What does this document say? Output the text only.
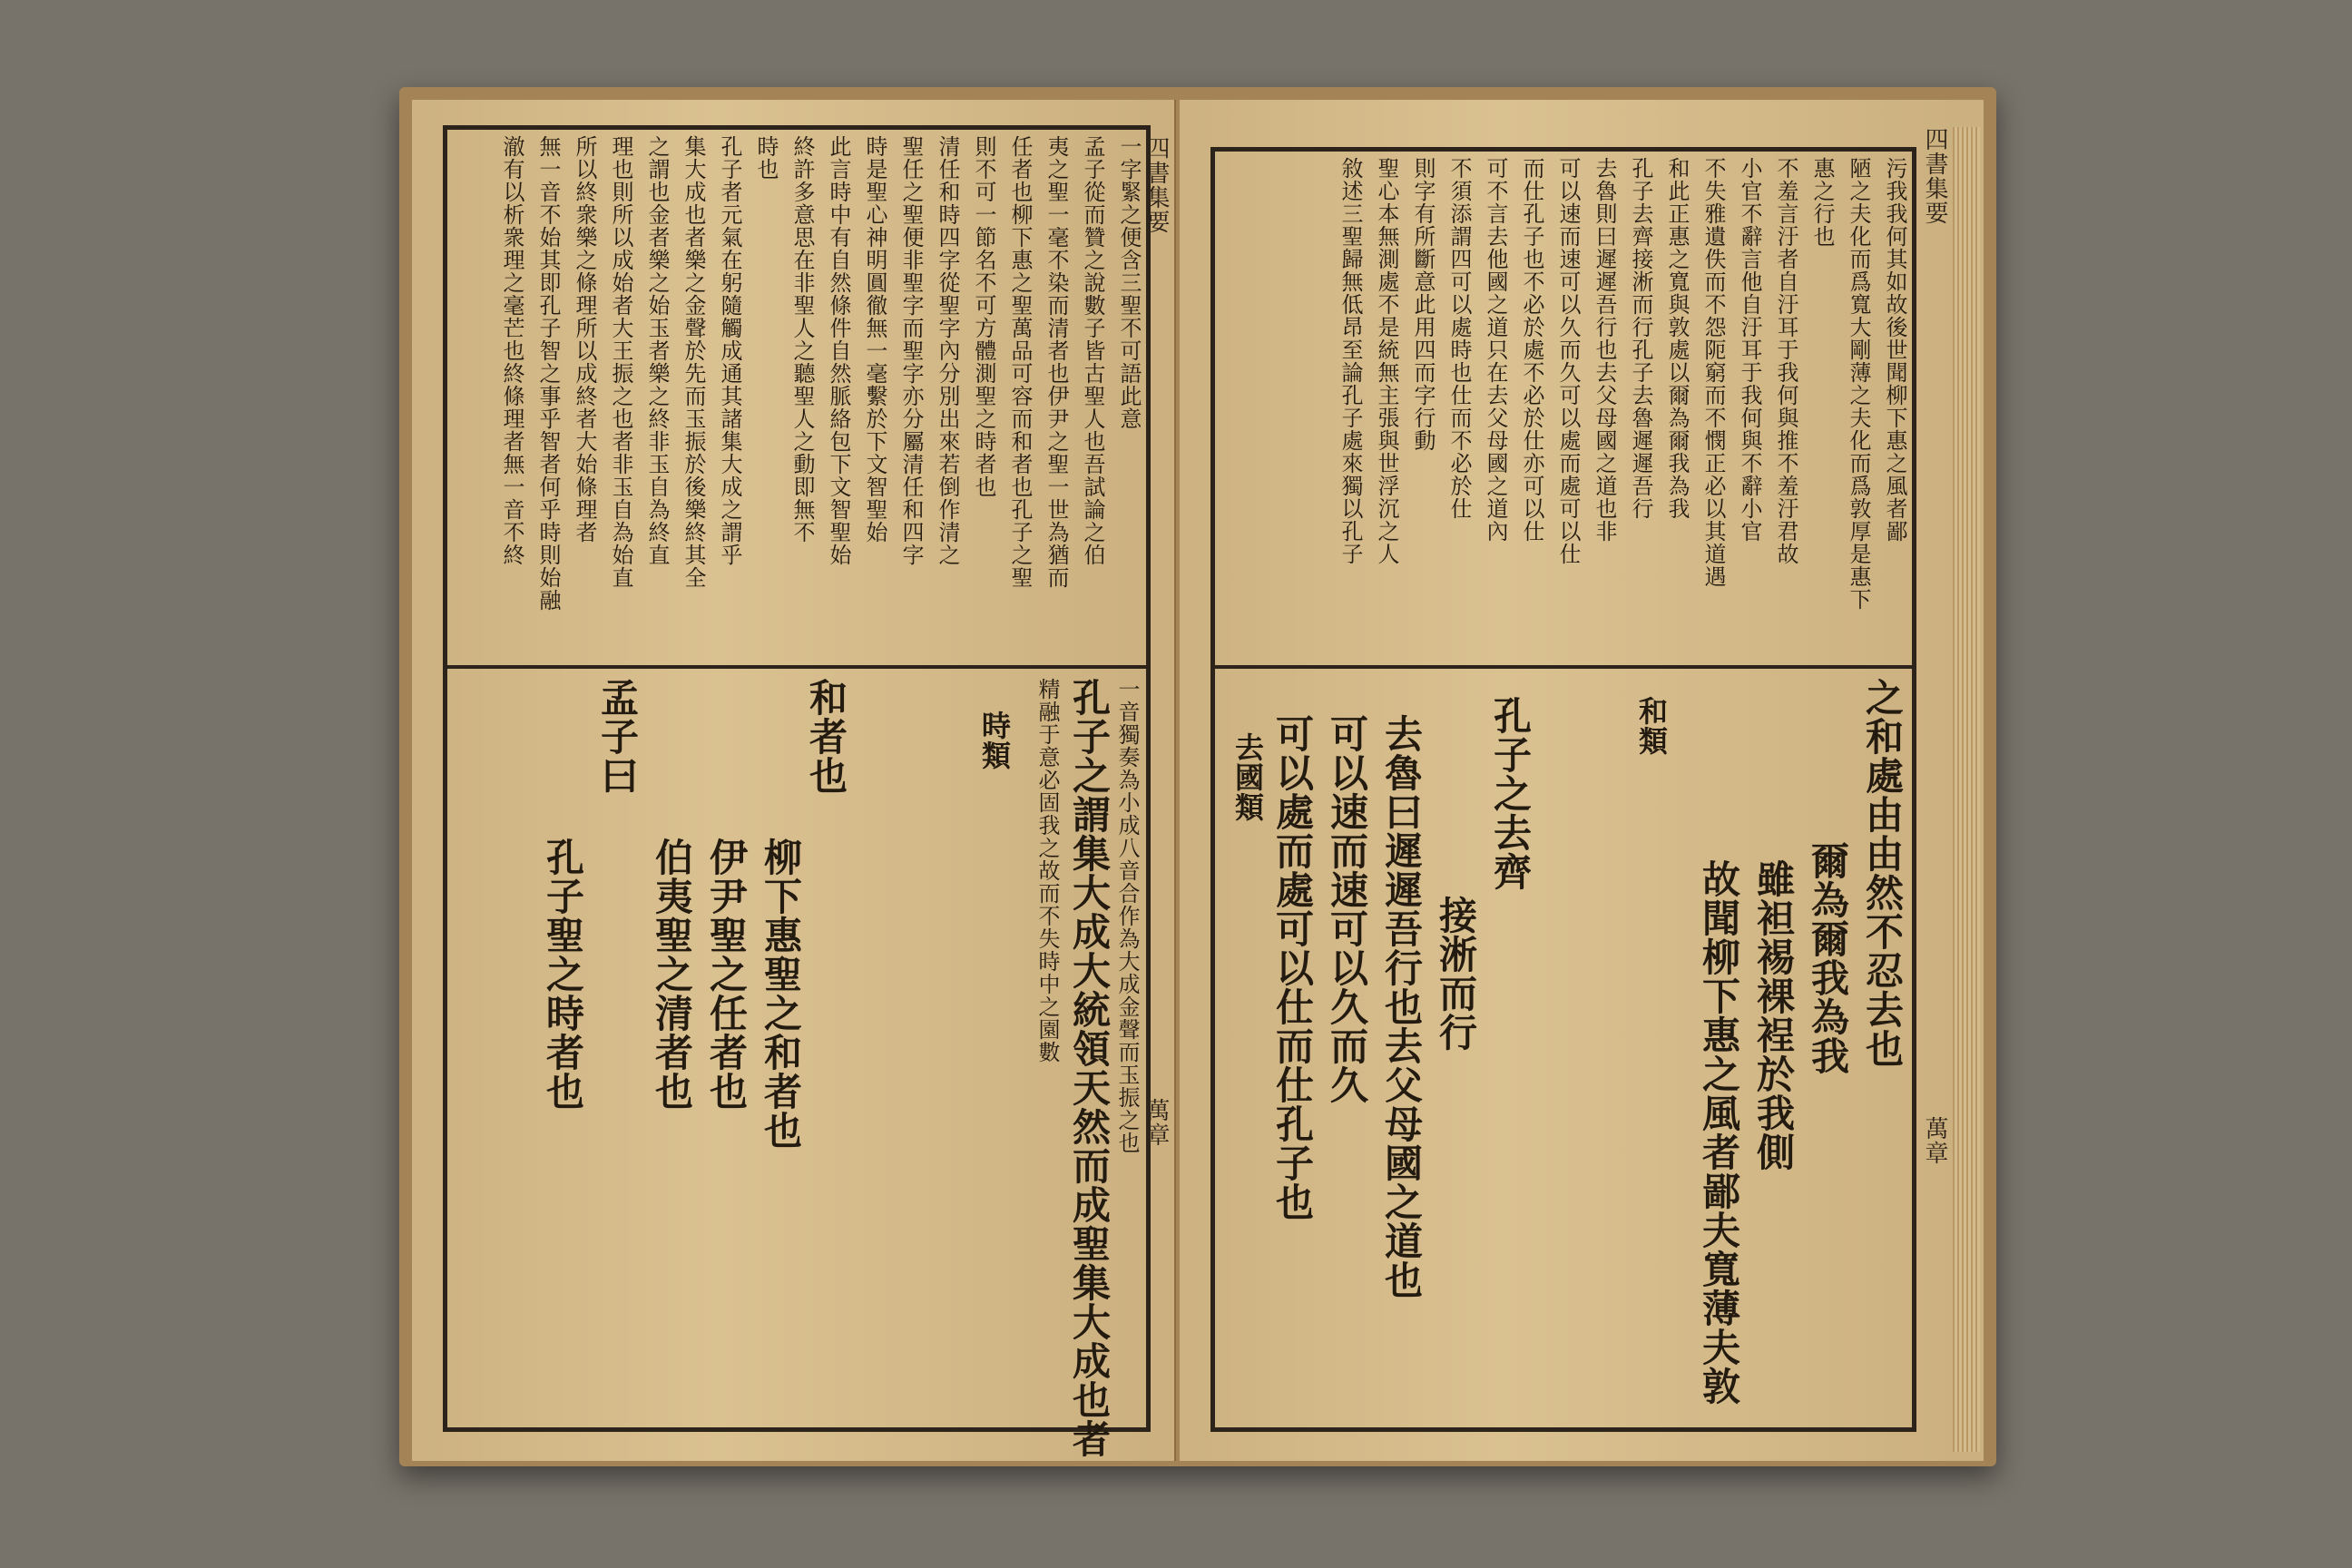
四書集要
萬章
一字緊之便含三聖不可語此意
孟子從而贊之說數子皆古聖人也吾試論之伯
夷之聖一毫不染而清者也伊尹之聖一世為猶而
任者也柳下惠之聖萬品可容而和者也孔子之聖
則不可一節名不可方體測聖之時者也
清任和時四字從聖字內分別出來若倒作清之
聖任之聖便非聖字而聖字亦分屬清任和四字
時是聖心神明圓徹無一毫繫於下文智聖始
此言時中有自然條件自然脈絡包下文智聖始
終許多意思在非聖人之聽聖人之動即無不
時也
孔子者元氣在躬隨觸成通其諸集大成之謂乎
集大成也者樂之金聲於先而玉振於後樂終其全
之謂也金者樂之始玉者樂之終非玉自為終直
理也則所以成始者大王振之也者非玉自為始直
所以終衆樂之條理所以成終者大始條理者
無一音不始其即孔子智之事乎智者何乎時則始融
澈有以析衆理之毫芒也終條理者無一音不終
一音獨奏為小成八音合作為大成金聲而玉振之也
孔子之謂集大成大統領天然而成聖集大成也者
精融于意必固我之故而不失時中之園數
時類
和者也
孟子曰
伯夷聖之清者也 伊尹聖之任者也 柳下惠聖之和者也
孔子聖之時者也
四書集要
萬章
污我我何其如故後世聞柳下惠之風者鄙
陋之夫化而爲寬大剛薄之夫化而爲敦厚是惠下
惠之行也
不羞言汙者自汙耳于我何與推不羞汙君故
小官不辭言他自汙耳于我何與不辭小官
不失雅遺佚而不怨阨窮而不憫正必以其道遇
和此正惠之寬與敦處以爾為爾我為我
孔子去齊接淅而行孔子去魯遲遲吾行
去魯則曰遲遲吾行也去父母國之道也非
可以速而速可以久而久可以處而處可以仕
而仕孔子也不必於處不必於仕亦可以仕
可不言去他國之道只在去父母國之道內
不須添謂四可以處時也仕而不必於仕
則字有所斷意此用四而字行動
聖心本無測處不是統無主張與世浮沉之人
敘述三聖歸無低昂至論孔子處來獨以孔子
之和處由由然不忍去也
爾為爾我為我
雖袒裼裸裎於我側
故聞柳下惠之風者鄙夫寬薄夫敦
和類
孔子之去齊
接淅而行
去魯曰遲遲吾行也去父母國之道也
可以速而速可以久而久
可以處而處可以仕而仕孔子也
去國類
